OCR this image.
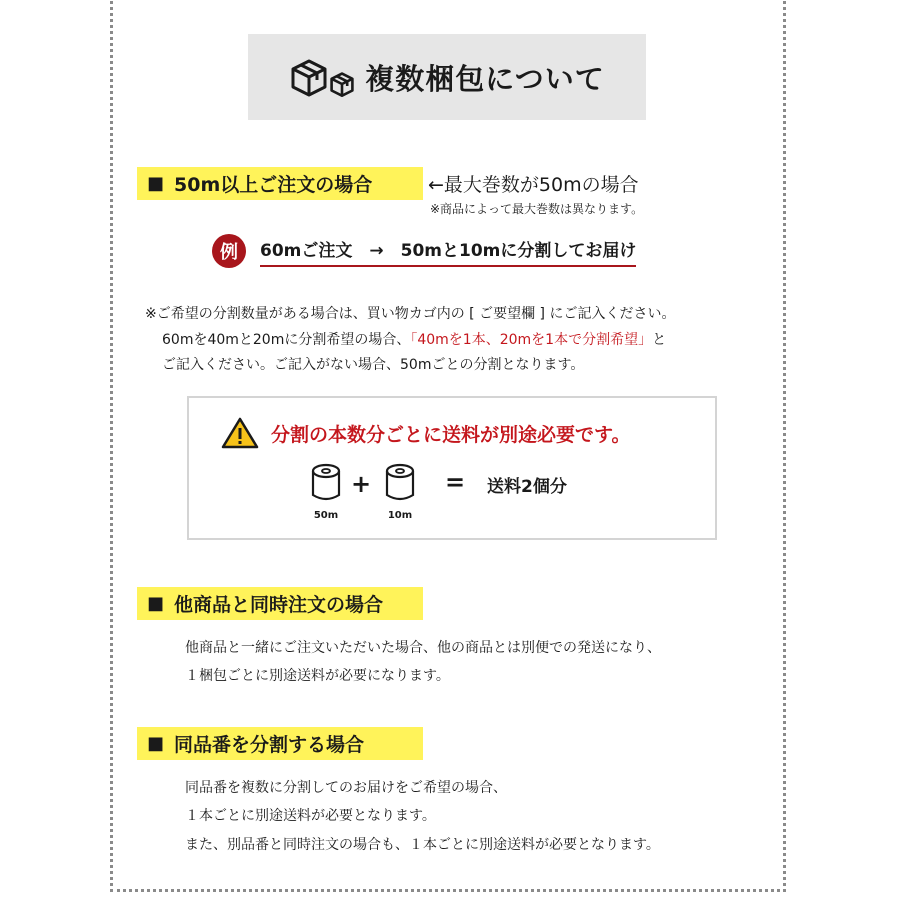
複数梱包について
■ 50m以上ご注文の場合	←最大巻数が50mの場合
※商品によって最大巻数は異なります。
例	60mご注文　→　50mと10mに分割してお届け
※ご希望の分割数量がある場合は、買い物カゴ内の [ ご要望欄 ] にご記入ください。
60mを40mと20mに分割希望の場合、「40mを1本、20mを1本で分割希望」と
ご記入ください。ご記入がない場合、50mごとの分割となります。
分割の本数分ごとに送料が別途必要です。
50m
+
10m
= 送料2個分
■ 他商品と同時注文の場合
他商品と一緒にご注文いただいた場合、他の商品とは別便での発送になり、
１梱包ごとに別途送料が必要になります。
■ 同品番を分割する場合
同品番を複数に分割してのお届けをご希望の場合、
１本ごとに別途送料が必要となります。
また、別品番と同時注文の場合も、１本ごとに別途送料が必要となります。
